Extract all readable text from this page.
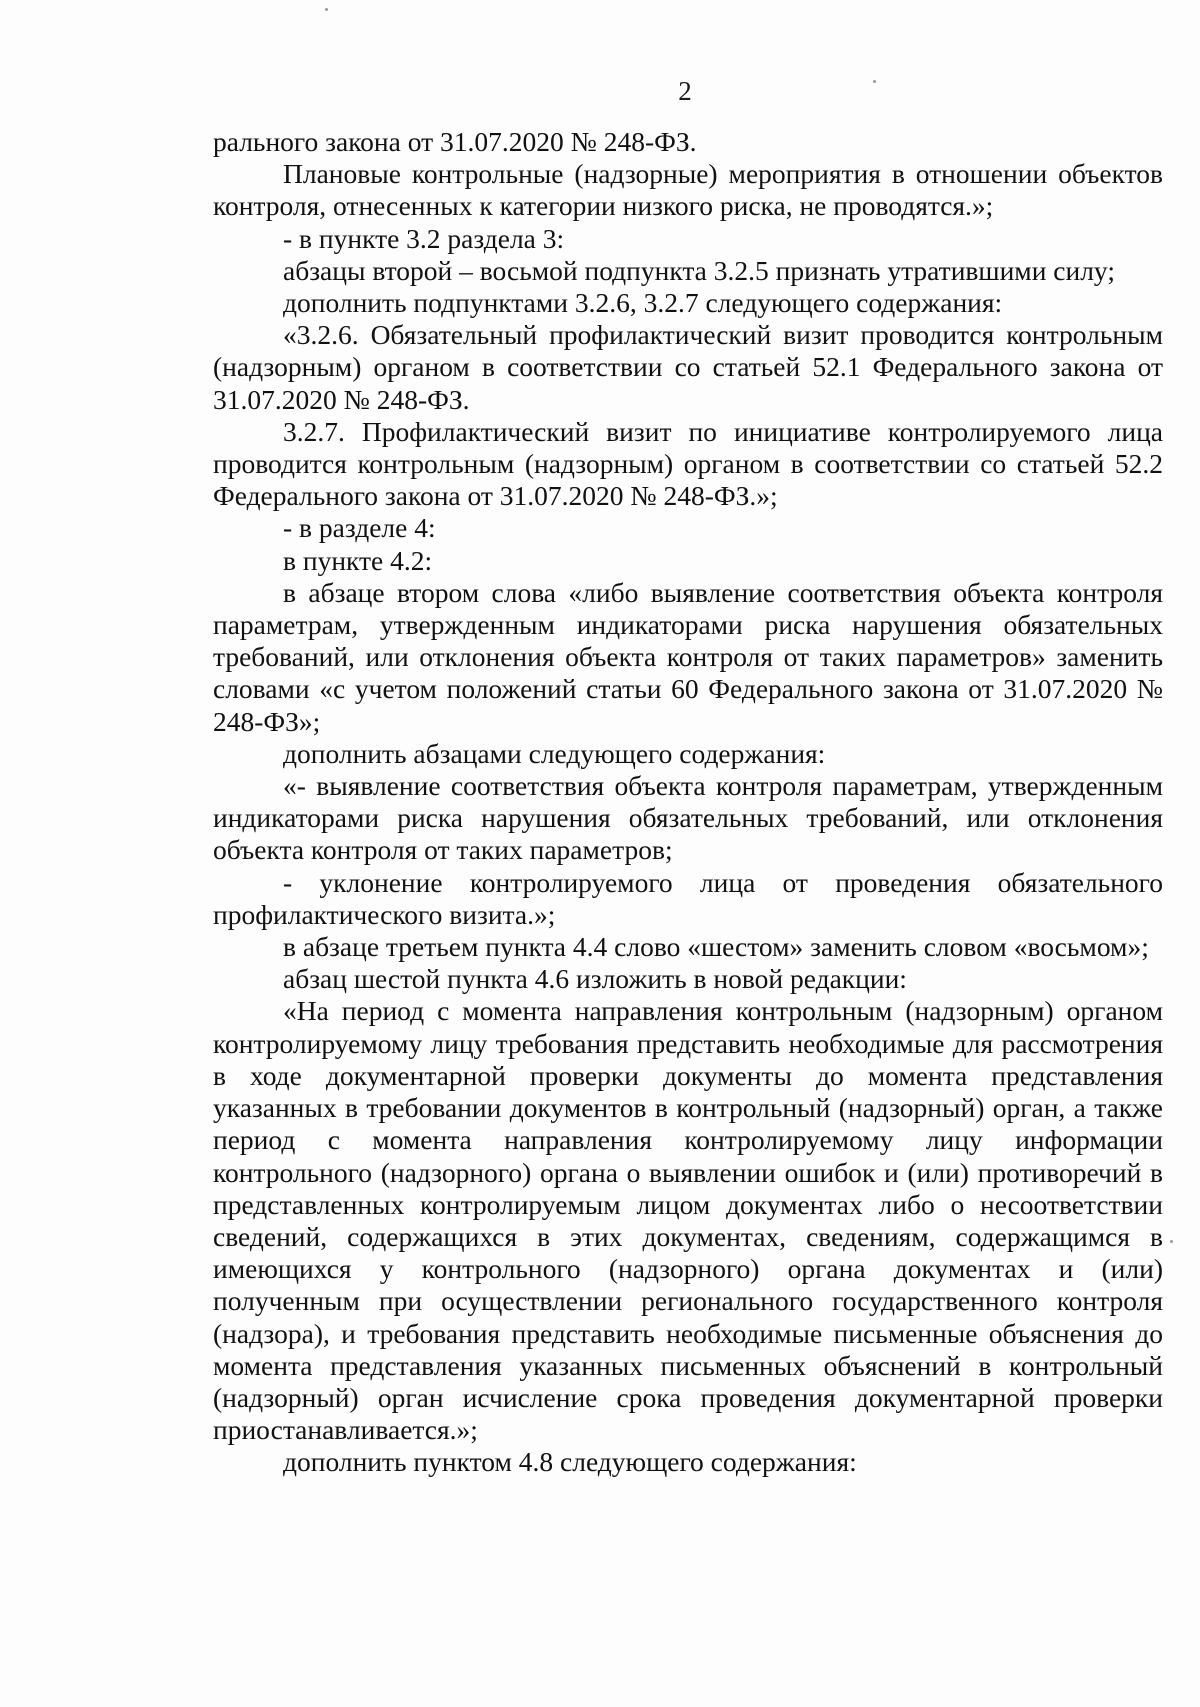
2

рального закона от 31.07.2020 № 248-ФЗ.

Плановые контрольные (надзорные) мероприятия в отношении объектов контроля, отнесенных к категории низкого риска, не проводятся.»;

- в пункте 3.2 раздела 3:

абзацы второй – восьмой подпункта 3.2.5 признать утратившими силу;

дополнить подпунктами 3.2.6, 3.2.7 следующего содержания:

«3.2.6. Обязательный профилактический визит проводится контрольным (надзорным) органом в соответствии со статьей 52.1 Федерального закона от 31.07.2020 № 248-ФЗ.

3.2.7. Профилактический визит по инициативе контролируемого лица проводится контрольным (надзорным) органом в соответствии со статьей 52.2 Федерального закона от 31.07.2020 № 248-ФЗ.»;

- в разделе 4:

в пункте 4.2:

в абзаце втором слова «либо выявление соответствия объекта контроля параметрам, утвержденным индикаторами риска нарушения обязательных требований, или отклонения объекта контроля от таких параметров» заменить словами «с учетом положений статьи 60 Федерального закона от 31.07.2020 № 248-ФЗ»;

дополнить абзацами следующего содержания:

«- выявление соответствия объекта контроля параметрам, утвержденным индикаторами риска нарушения обязательных требований, или отклонения объекта контроля от таких параметров;

- уклонение контролируемого лица от проведения обязательного профилактического визита.»;

в абзаце третьем пункта 4.4 слово «шестом» заменить словом «восьмом»;

абзац шестой пункта 4.6 изложить в новой редакции:

«На период с момента направления контрольным (надзорным) органом контролируемому лицу требования представить необходимые для рассмотрения в ходе документарной проверки документы до момента представления указанных в требовании документов в контрольный (надзорный) орган, а также период с момента направления контролируемому лицу информации контрольного (надзорного) органа о выявлении ошибок и (или) противоречий в представленных контролируемым лицом документах либо о несоответствии сведений, содержащихся в этих документах, сведениям, содержащимся в имеющихся у контрольного (надзорного) органа документах и (или) полученным при осуществлении регионального государственного контроля (надзора), и требования представить необходимые письменные объяснения до момента представления указанных письменных объяснений в контрольный (надзорный) орган исчисление срока проведения документарной проверки приостанавливается.»;

дополнить пунктом 4.8 следующего содержания:
